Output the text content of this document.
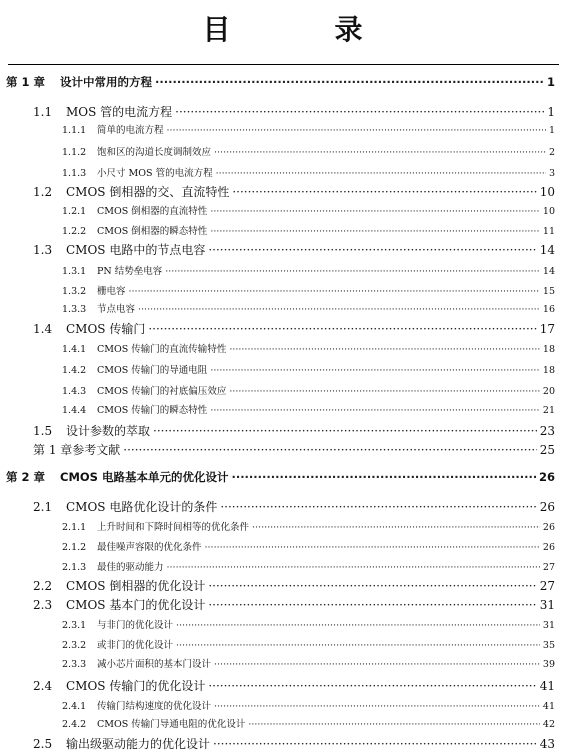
目　录
第 1 章	设计中常用的方程 ·····	1
1.1	MOS 管的电流方程 ·····	1
1.1.1	简单的电流方程 ·····	1
1.1.2	饱和区的沟道长度调制效应 ·····	2
1.1.3	小尺寸 MOS 管的电流方程 ·····	3
1.2	CMOS 倒相器的交、直流特性 ·····	10
1.2.1	CMOS 倒相器的直流特性 ·····	10
1.2.2	CMOS 倒相器的瞬态特性 ·····	11
1.3	CMOS 电路中的节点电容 ·····	14
1.3.1	PN 结势垒电容 ·····	14
1.3.2	栅电容 ·····	15
1.3.3	节点电容 ·····	16
1.4	CMOS 传输门 ·····	17
1.4.1	CMOS 传输门的直流传输特性 ·····	18
1.4.2	CMOS 传输门的导通电阻 ·····	18
1.4.3	CMOS 传输门的衬底偏压效应 ·····	20
1.4.4	CMOS 传输门的瞬态特性 ·····	21
1.5	设计参数的萃取 ·····	23
第 1 章参考文献 ·····	25
第 2 章	CMOS 电路基本单元的优化设计 ·····	26
2.1	CMOS 电路优化设计的条件 ·····	26
2.1.1	上升时间和下降时间相等的优化条件 ·····	26
2.1.2	最佳噪声容限的优化条件 ·····	26
2.1.3	最佳的驱动能力 ·····	27
2.2	CMOS 倒相器的优化设计 ·····	27
2.3	CMOS 基本门的优化设计 ·····	31
2.3.1	与非门的优化设计 ·····	31
2.3.2	或非门的优化设计 ·····	35
2.3.3	减小芯片面积的基本门设计 ·····	39
2.4	CMOS 传输门的优化设计 ·····	41
2.4.1	传输门结构速度的优化设计 ·····	41
2.4.2	CMOS 传输门导通电阻的优化设计 ·····	42
2.5	输出级驱动能力的优化设计 ·····	43
